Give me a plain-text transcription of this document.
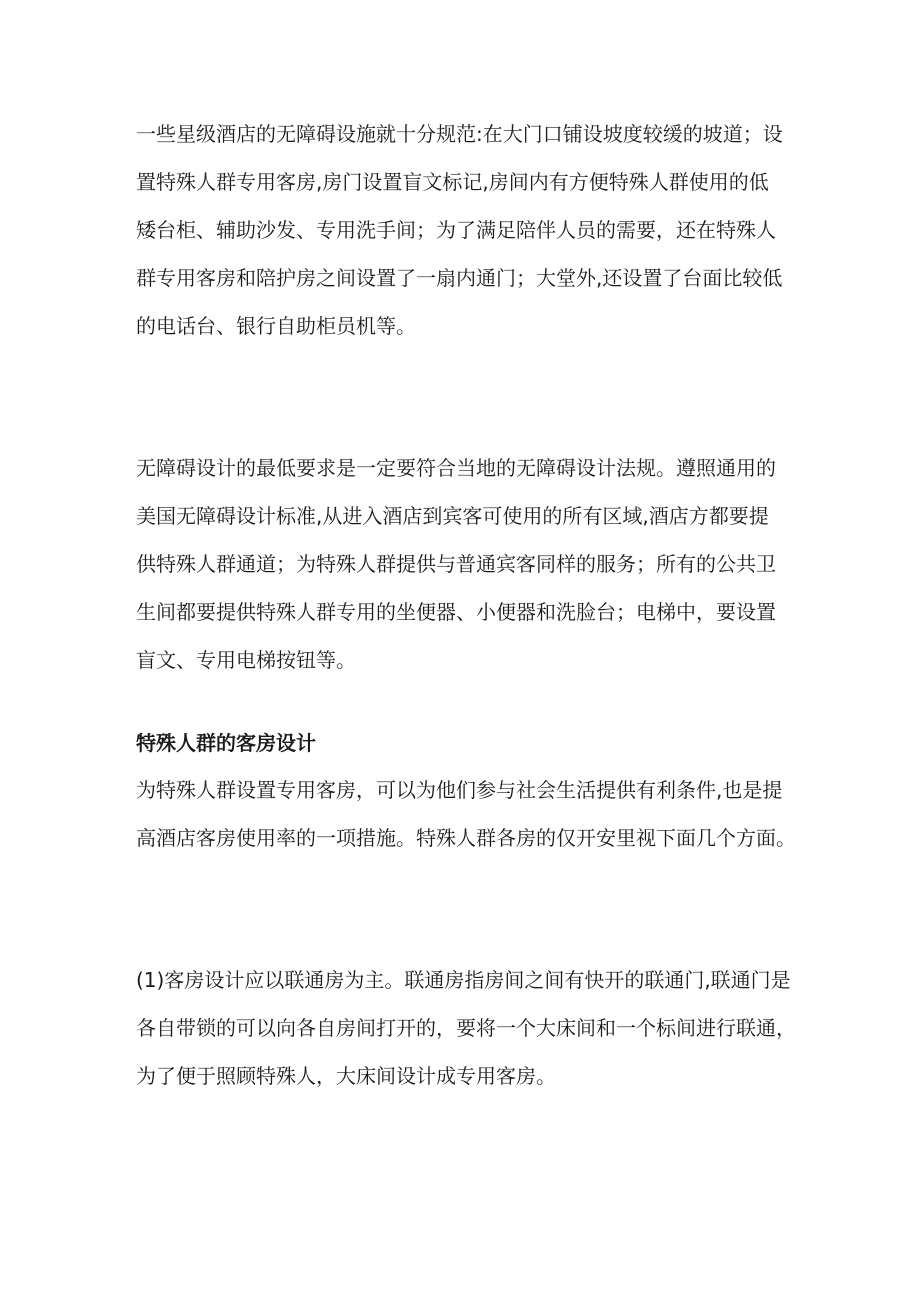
一些星级酒店的无障碍设施就十分规范:在大门口铺设坡度较缓的坡道；设
置特殊人群专用客房,房门设置盲文标记,房间内有方便特殊人群使用的低
矮台柜、辅助沙发、专用洗手间；为了满足陪伴人员的需要，还在特殊人
群专用客房和陪护房之间设置了一扇内通门；大堂外,还设置了台面比较低
的电话台、银行自助柜员机等。
无障碍设计的最低要求是一定要符合当地的无障碍设计法规。遵照通用的
美国无障碍设计标准,从进入酒店到宾客可使用的所有区域,酒店方都要提
供特殊人群通道；为特殊人群提供与普通宾客同样的服务；所有的公共卫
生间都要提供特殊人群专用的坐便器、小便器和洗脸台；电梯中，要设置
盲文、专用电梯按钮等。
特殊人群的客房设计
为特殊人群设置专用客房，可以为他们参与社会生活提供有利条件,也是提
高酒店客房使用率的一项措施。特殊人群各房的仅开安里视下面几个方面。
(1)客房设计应以联通房为主。联通房指房间之间有快开的联通门,联通门是
各自带锁的可以向各自房间打开的，要将一个大床间和一个标间进行联通，
为了便于照顾特殊人，大床间设计成专用客房。
